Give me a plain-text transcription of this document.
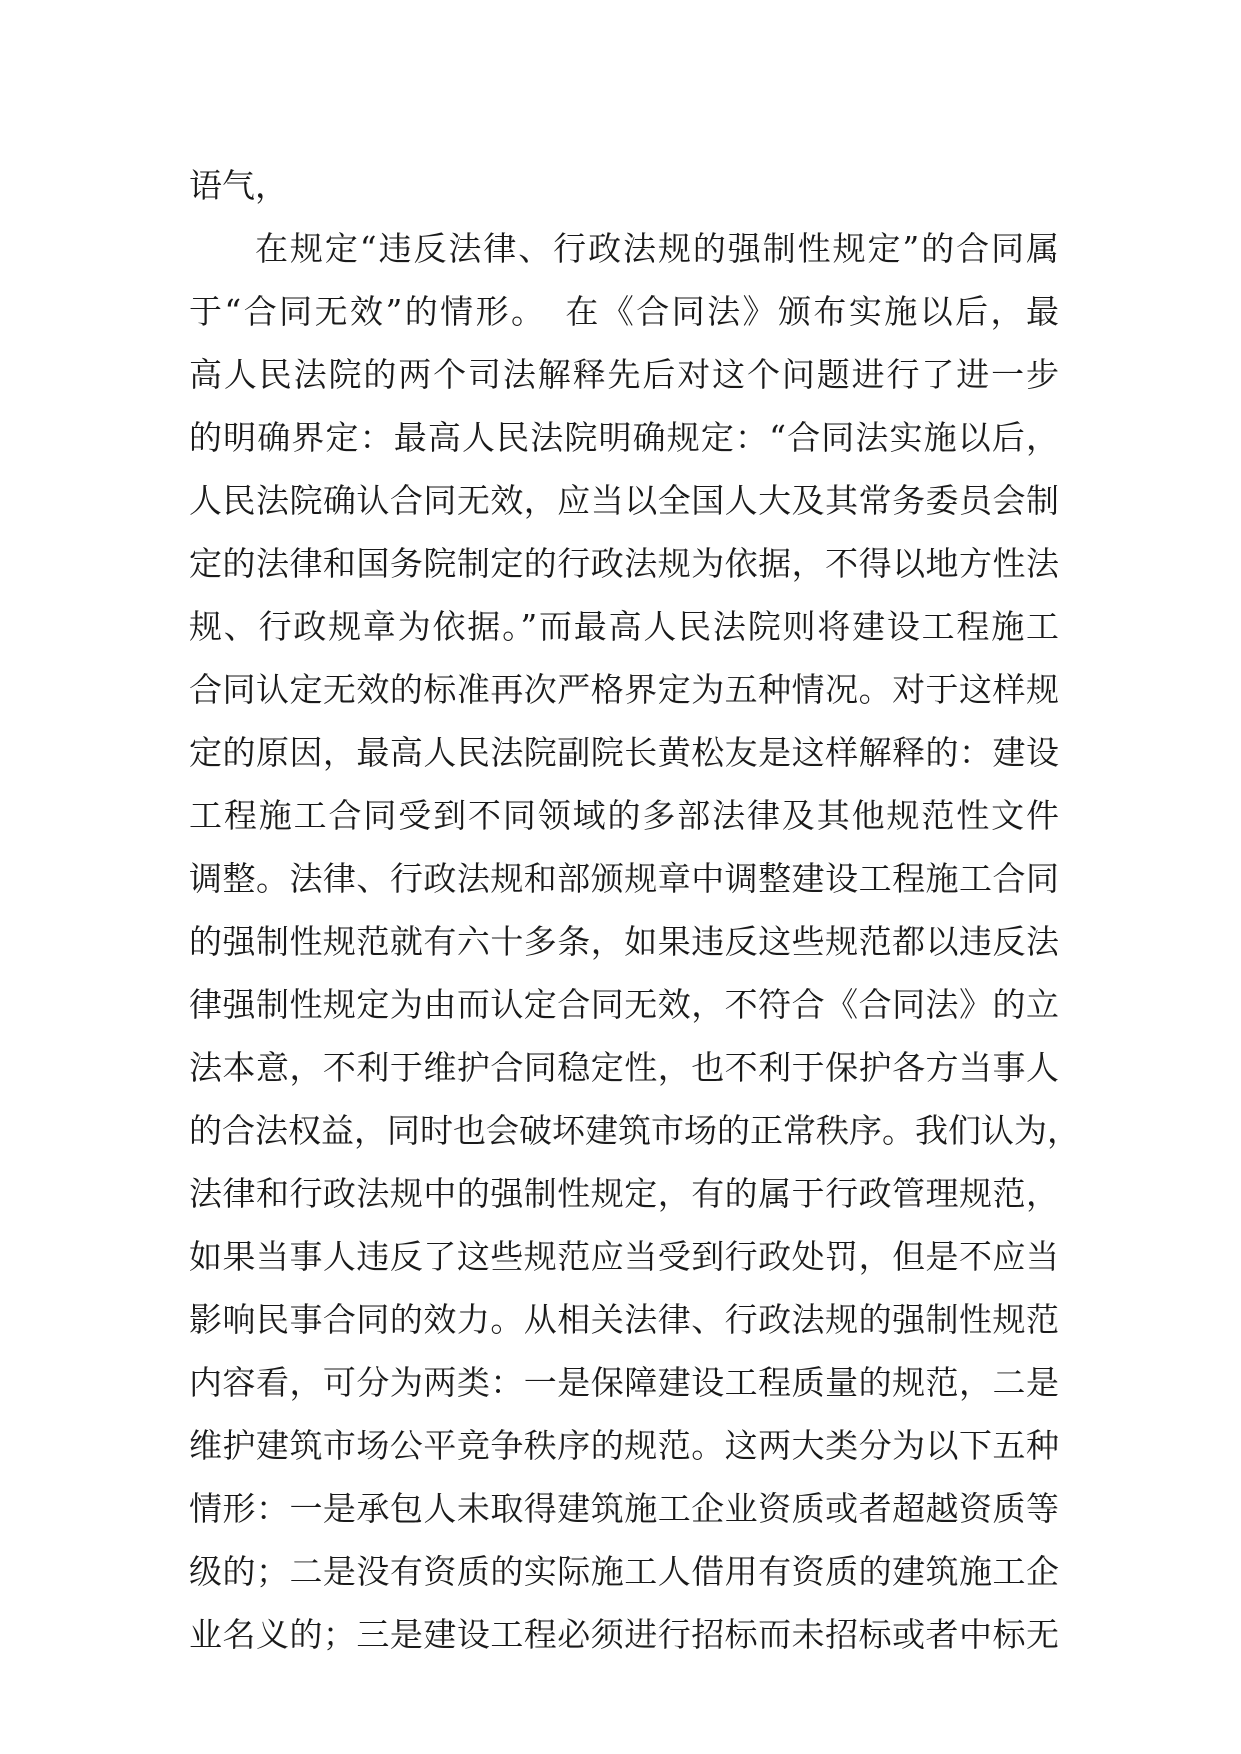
语气，
在规定“违反法律、行政法规的强制性规定”的合同属
于“合同无效”的情形。　在《合同法》颁布实施以后，最
高人民法院的两个司法解释先后对这个问题进行了进一步
的明确界定：最高人民法院明确规定：“合同法实施以后，
人民法院确认合同无效，应当以全国人大及其常务委员会制
定的法律和国务院制定的行政法规为依据，不得以地方性法
规、行政规章为依据。”而最高人民法院则将建设工程施工
合同认定无效的标准再次严格界定为五种情况。对于这样规
定的原因，最高人民法院副院长黄松友是这样解释的：建设
工程施工合同受到不同领域的多部法律及其他规范性文件
调整。法律、行政法规和部颁规章中调整建设工程施工合同
的强制性规范就有六十多条，如果违反这些规范都以违反法
律强制性规定为由而认定合同无效，不符合《合同法》的立
法本意，不利于维护合同稳定性，也不利于保护各方当事人
的合法权益，同时也会破坏建筑市场的正常秩序。我们认为，
法律和行政法规中的强制性规定，有的属于行政管理规范，
如果当事人违反了这些规范应当受到行政处罚，但是不应当
影响民事合同的效力。从相关法律、行政法规的强制性规范
内容看，可分为两类：一是保障建设工程质量的规范，二是
维护建筑市场公平竞争秩序的规范。这两大类分为以下五种
情形：一是承包人未取得建筑施工企业资质或者超越资质等
级的；二是没有资质的实际施工人借用有资质的建筑施工企
业名义的；三是建设工程必须进行招标而未招标或者中标无
